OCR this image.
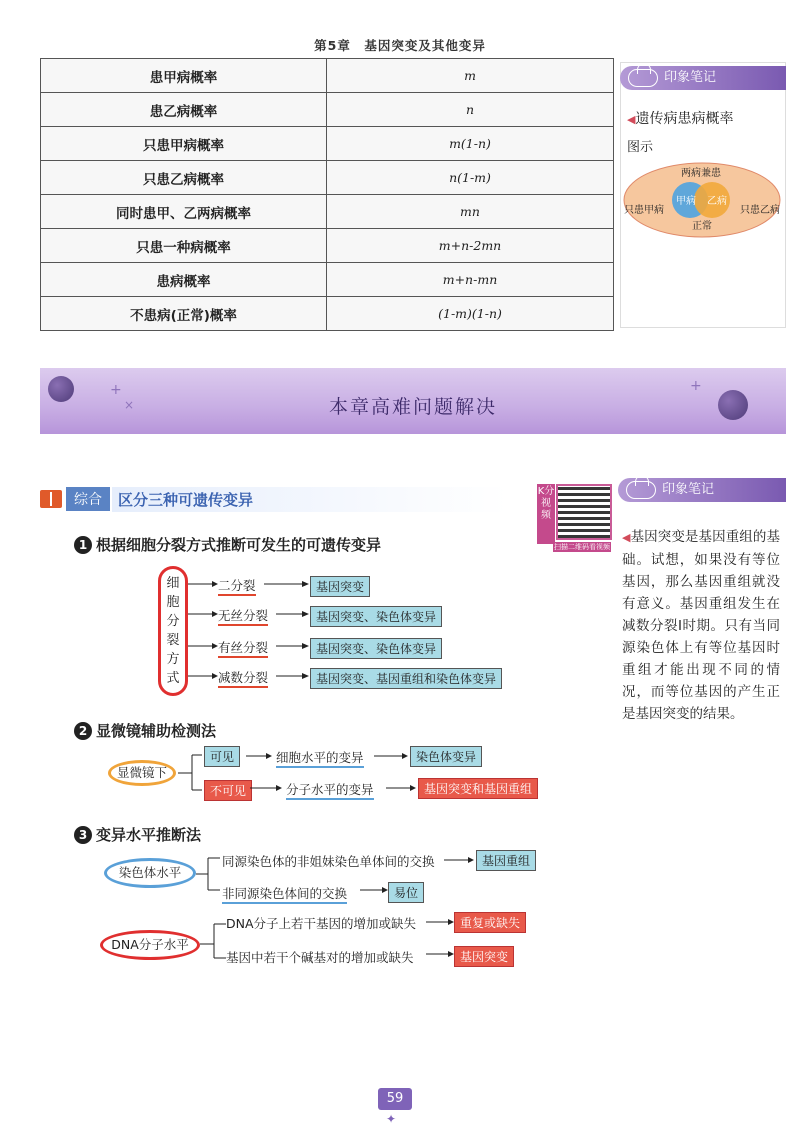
第5章　基因突变及其他变异
患甲病概率	m
患乙病概率	n
只患甲病概率	m(1-n)
只患乙病概率	n(1-m)
同时患甲、乙两病概率	mn
只患一种病概率	m+n-2mn
患病概率	m+n-mn
不患病(正常)概率	(1-m)(1-n)
印象笔记
◀遗传病患病概率
图示
两病兼患
甲病 乙病
只患甲病	只患乙病
正常
+
×
+
本章高难问题解决
综合	区分三种可遗传变异	K分视频
扫描二维码看视频
印象笔记
◀基因突变是基因重组的基础。试想，如果没有等位基因，那么基因重组就没有意义。基因重组发生在减数分裂Ⅰ时期。只有当同源染色体上有等位基因时重组才能出现不同的情况，而等位基因的产生正是基因突变的结果。
1 根据细胞分裂方式推断可发生的可遗传变异
细胞分裂方式
二分裂
无丝分裂
有丝分裂
减数分裂
基因突变
基因突变、染色体变异
基因突变、染色体变异
基因突变、基因重组和染色体变异
2 显微镜辅助检测法
显微镜下
可见
不可见
细胞水平的变异
分子水平的变异
染色体变异
基因突变和基因重组
3 变异水平推断法
染色体水平
同源染色体的非姐妹染色单体间的交换
非同源染色体间的交换
基因重组
易位
DNA分子水平
DNA分子上若干基因的增加或缺失
基因中若干个碱基对的增加或缺失
重复或缺失
基因突变
59
✦
